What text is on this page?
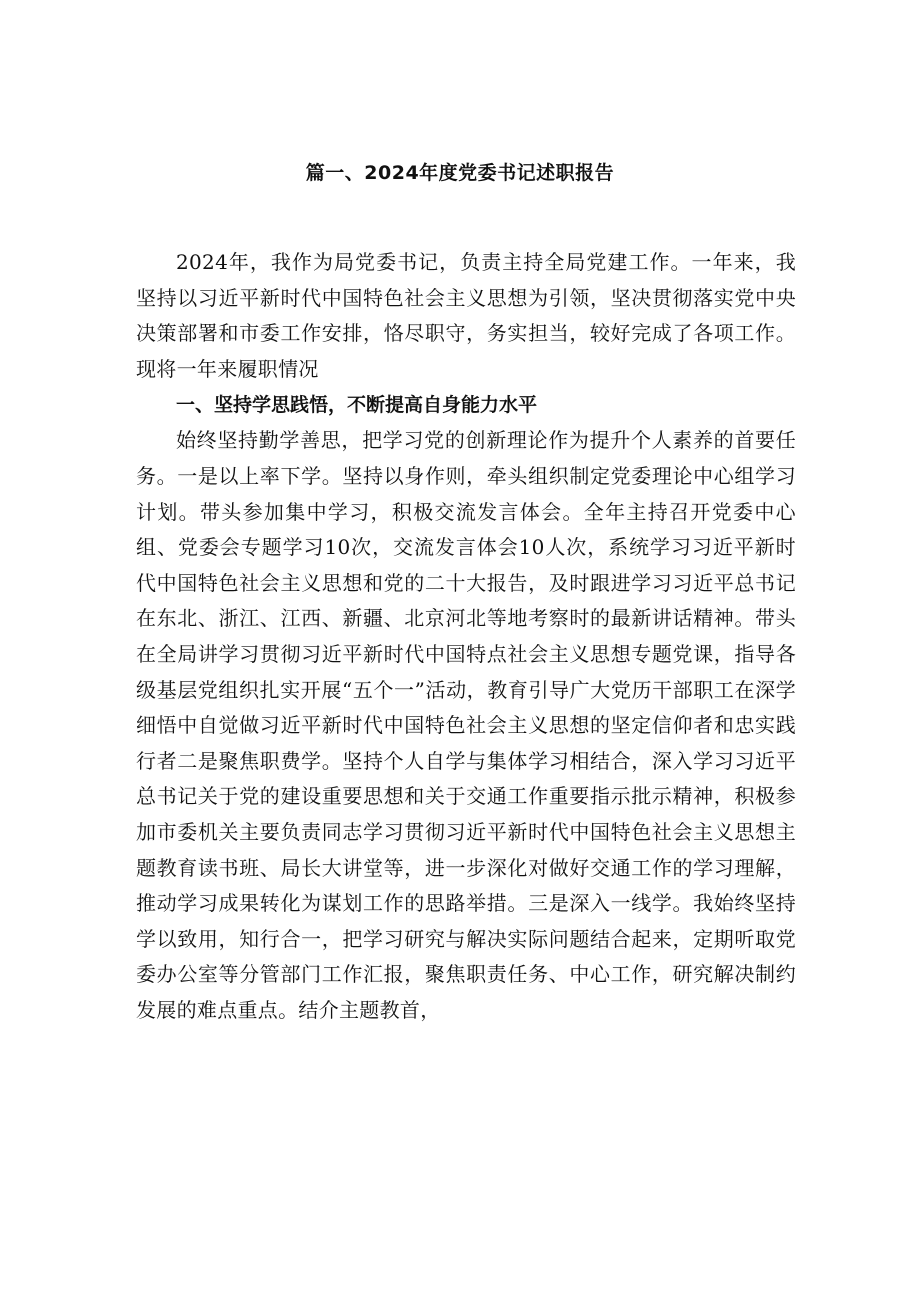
篇一、2024年度党委书记述职报告

2024年，我作为局党委书记，负责主持全局党建工作。一年来，我坚持以习近平新时代中国特色社会主义思想为引领，坚决贯彻落实党中央决策部署和市委工作安排，恪尽职守，务实担当，较好完成了各项工作。现将一年来履职情况

一、坚持学思践悟，不断提高自身能力水平

始终坚持勤学善思，把学习党的创新理论作为提升个人素养的首要任务。一是以上率下学。坚持以身作则，牵头组织制定党委理论中心组学习计划。带头参加集中学习，积极交流发言体会。全年主持召开党委中心组、党委会专题学习10次，交流发言体会10人次，系统学习习近平新时代中国特色社会主义思想和党的二十大报告，及时跟进学习习近平总书记在东北、浙江、江西、新疆、北京河北等地考察时的最新讲话精神。带头在全局讲学习贯彻习近平新时代中国特点社会主义思想专题党课，指导各级基层党组织扎实开展“五个一”活动，教育引导广大党历干部职工在深学细悟中自觉做习近平新时代中国特色社会主义思想的坚定信仰者和忠实践行者二是聚焦职费学。坚持个人自学与集体学习相结合，深入学习习近平总书记关于党的建设重要思想和关于交通工作重要指示批示精神，积极参加市委机关主要负责同志学习贯彻习近平新时代中国特色社会主义思想主题教育读书班、局长大讲堂等，进一步深化对做好交通工作的学习理解，推动学习成果转化为谋划工作的思路举措。三是深入一线学。我始终坚持学以致用，知行合一，把学习研究与解决实际问题结合起来，定期听取党委办公室等分管部门工作汇报，聚焦职责任务、中心工作，研究解决制约发展的难点重点。结介主题教首，
